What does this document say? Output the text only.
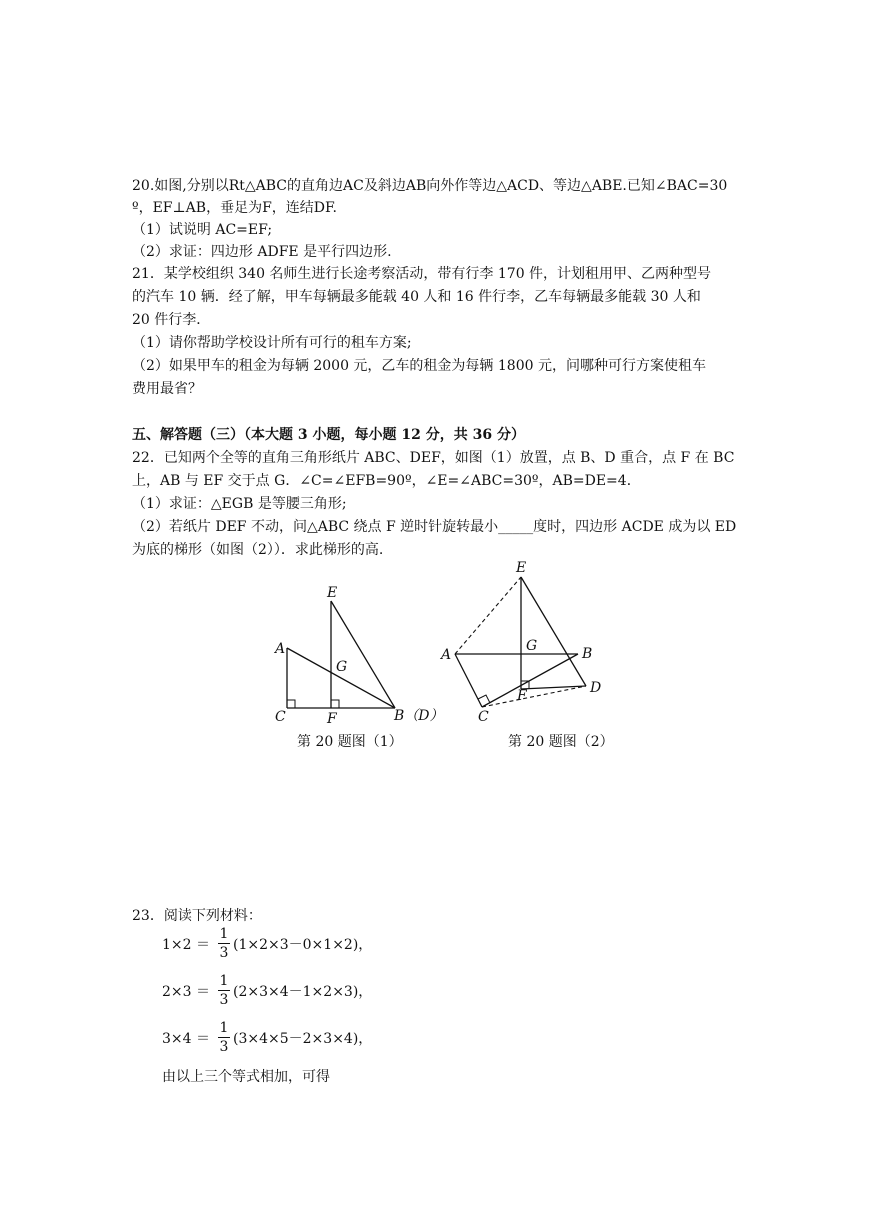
20.如图,分别以Rt△ABC的直角边AC及斜边AB向外作等边△ACD、等边△ABE.已知∠BAC=30
º，EF⊥AB，垂足为F，连结DF.
（1）试说明 AC=EF;
（2）求证：四边形 ADFE 是平行四边形.
21．某学校组织 340 名师生进行长途考察活动，带有行李 170 件，计划租用甲、乙两种型号
的汽车 10 辆．经了解，甲车每辆最多能载 40 人和 16 件行李，乙车每辆最多能载 30 人和
20 件行李．
（1）请你帮助学校设计所有可行的租车方案;
（2）如果甲车的租金为每辆 2000 元，乙车的租金为每辆 1800 元，问哪种可行方案使租车
费用最省？
五、解答题（三）（本大题 3 小题，每小题 12 分，共 36 分）
22．已知两个全等的直角三角形纸片 ABC、DEF，如图（1）放置，点 B、D 重合，点 F 在 BC
上，AB 与 EF 交于点 G．∠C=∠EFB=90º，∠E=∠ABC=30º，AB=DE=4．
（1）求证：△EGB 是等腰三角形;
（2）若纸片 DEF 不动，问△ABC 绕点 F 逆时针旋转最小_____度时，四边形 ACDE 成为以 ED
为底的梯形（如图（2））．求此梯形的高.
E
A
G
C	F	B（D）
第 20 题图（1）
E
A
G	B
F	D
C
第 20 题图（2）
23．阅读下列材料：
1×2 ＝
1
3 (1×2×3－0×1×2)，
2×3 ＝
1
3 (2×3×4－1×2×3)，
3×4 ＝
1
3 (3×4×5－2×3×4)，
由以上三个等式相加，可得
